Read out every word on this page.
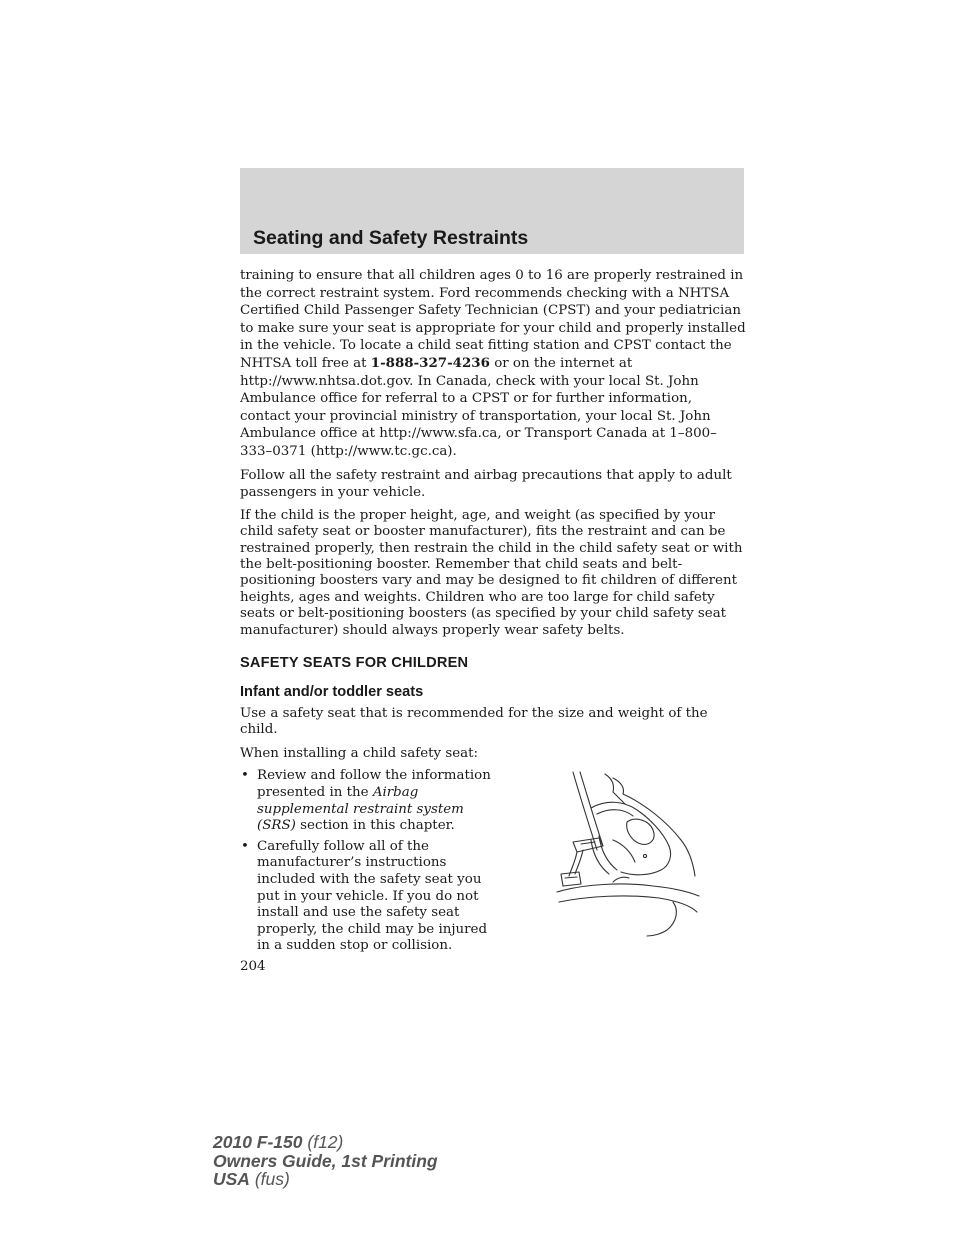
Seating and Safety Restraints

training to ensure that all children ages 0 to 16 are properly restrained in the correct restraint system. Ford recommends checking with a NHTSA Certified Child Passenger Safety Technician (CPST) and your pediatrician to make sure your seat is appropriate for your child and properly installed in the vehicle. To locate a child seat fitting station and CPST contact the NHTSA toll free at 1-888-327-4236 or on the internet at http://www.nhtsa.dot.gov. In Canada, check with your local St. John Ambulance office for referral to a CPST or for further information, contact your provincial ministry of transportation, your local St. John Ambulance office at http://www.sfa.ca, or Transport Canada at 1–800–333–0371 (http://www.tc.gc.ca).

Follow all the safety restraint and airbag precautions that apply to adult passengers in your vehicle.

If the child is the proper height, age, and weight (as specified by your child safety seat or booster manufacturer), fits the restraint and can be restrained properly, then restrain the child in the child safety seat or with the belt-positioning booster. Remember that child seats and belt-positioning boosters vary and may be designed to fit children of different heights, ages and weights. Children who are too large for child safety seats or belt-positioning boosters (as specified by your child safety seat manufacturer) should always properly wear safety belts.

SAFETY SEATS FOR CHILDREN
Infant and/or toddler seats

Use a safety seat that is recommended for the size and weight of the child.

When installing a child safety seat:

• Review and follow the information presented in the Airbag supplemental restraint system (SRS) section in this chapter.
• Carefully follow all of the manufacturer’s instructions included with the safety seat you put in your vehicle. If you do not install and use the safety seat properly, the child may be injured in a sudden stop or collision.
204
2010 F-150 (f12)
Owners Guide, 1st Printing
USA (fus)
